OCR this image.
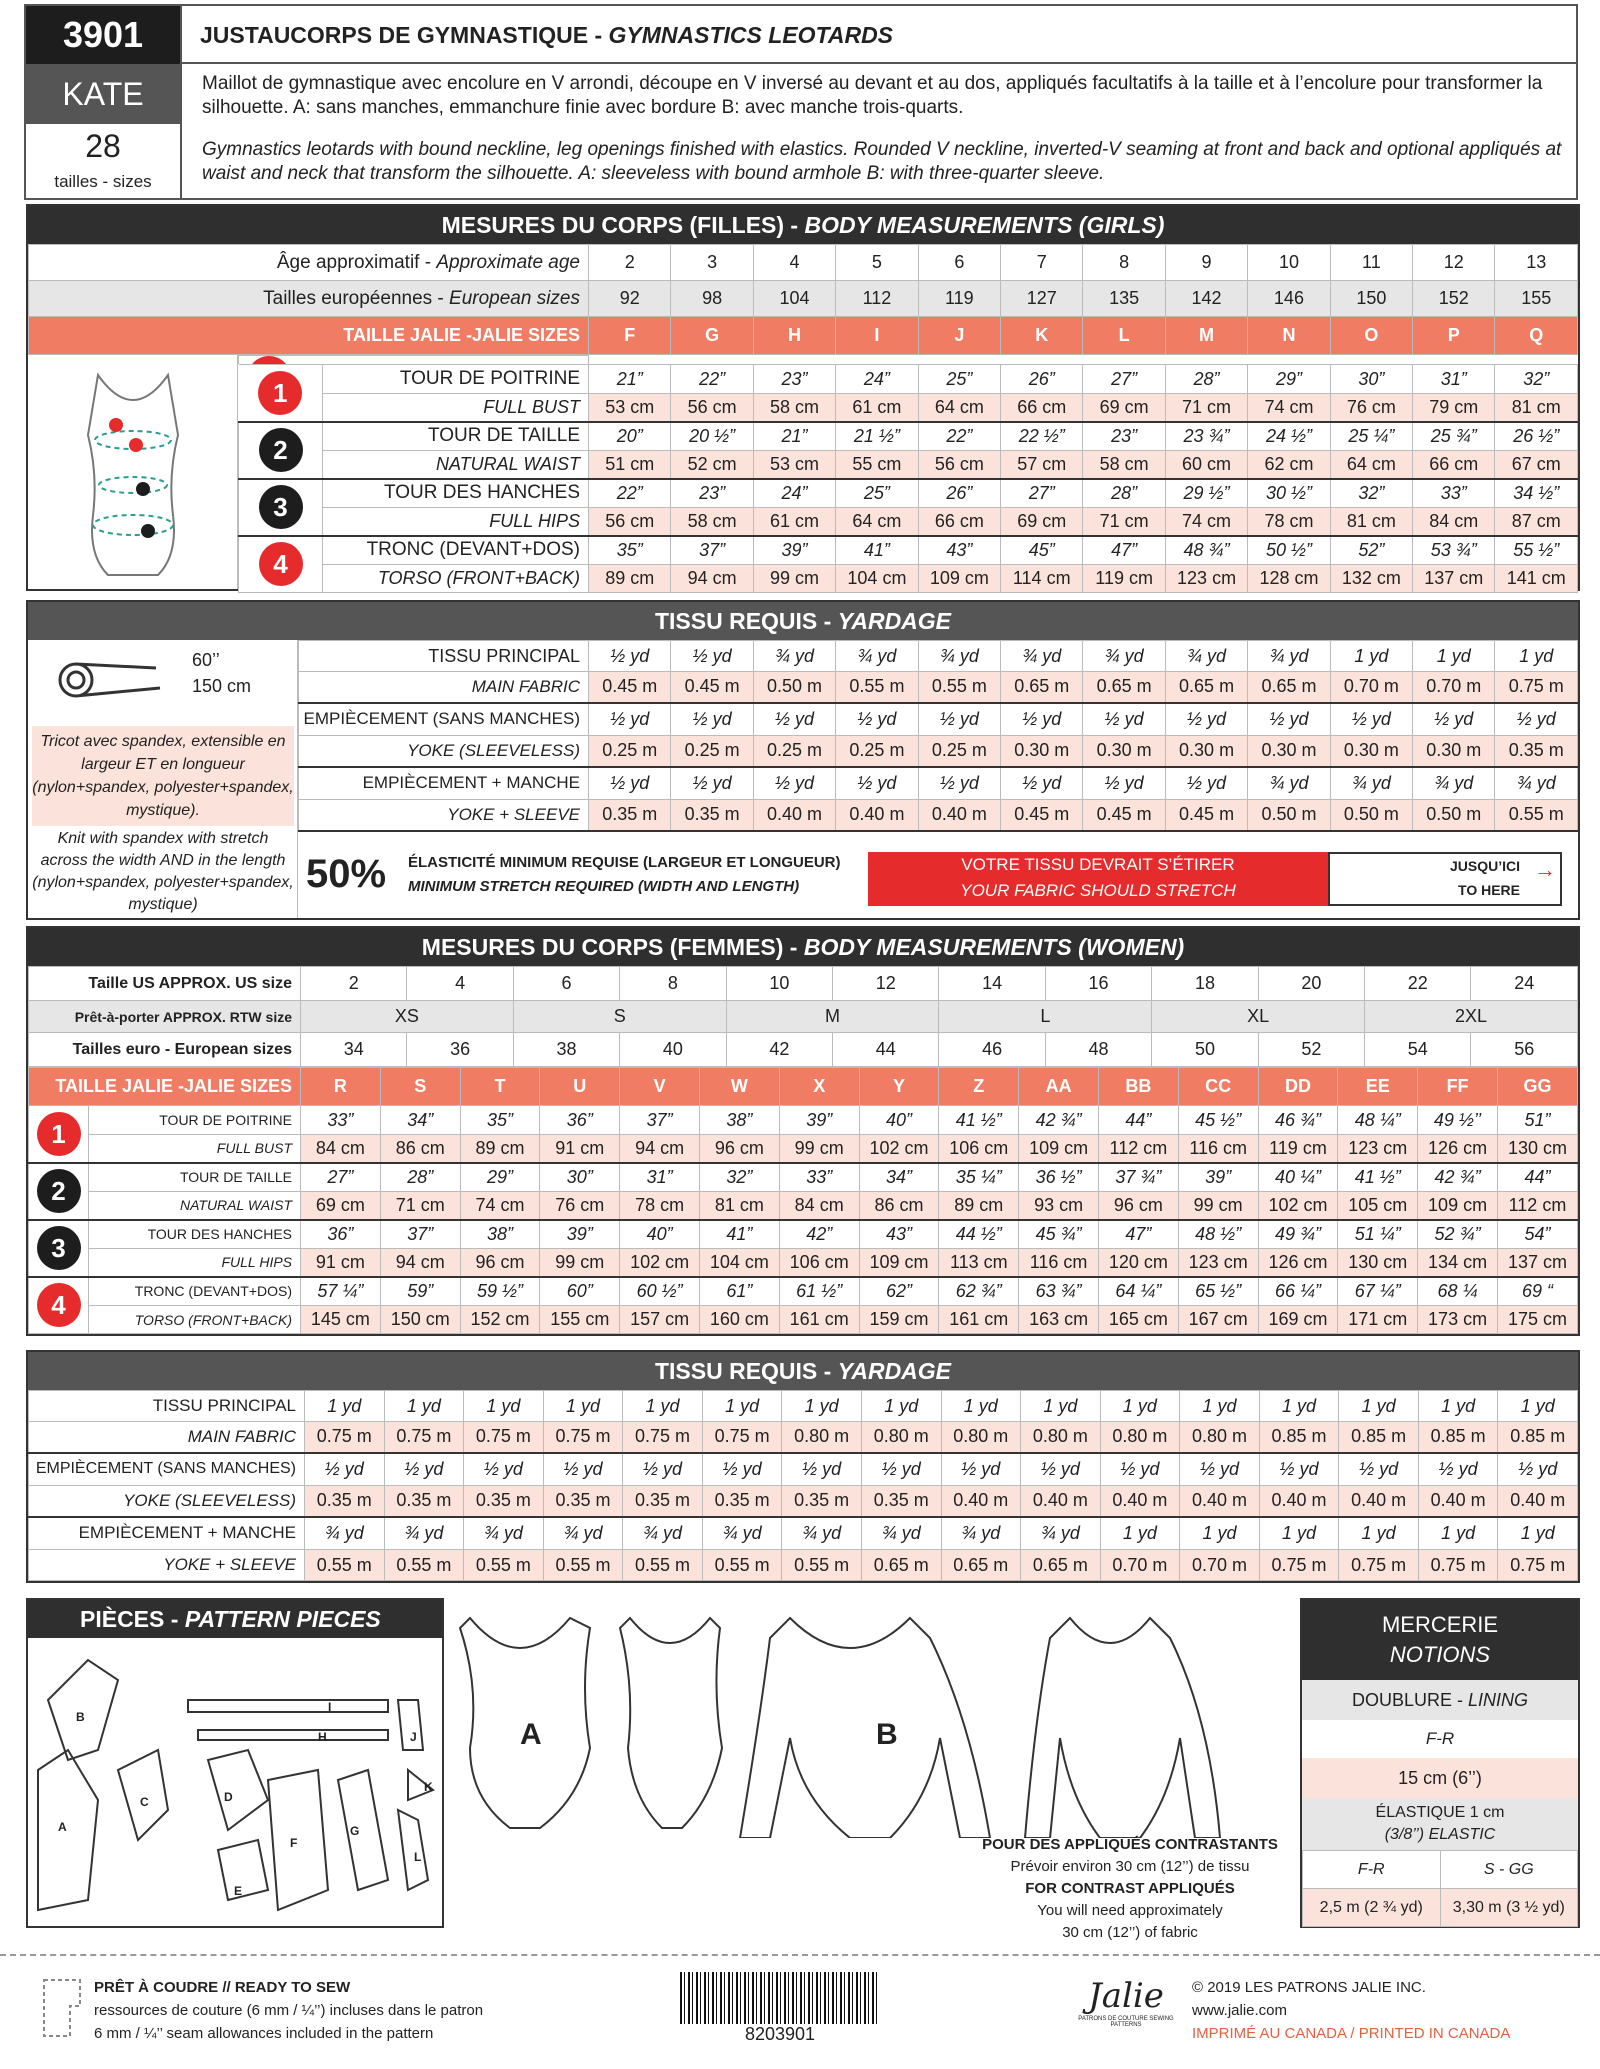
3901
KATE
28
tailles - sizes
JUSTAUCORPS DE GYMNASTIQUE - GYMNASTICS LEOTARDS
Maillot de gymnastique avec encolure en V arrondi, découpe en V inversé au devant et au dos, appliqués facultatifs à la taille et à l’encolure pour transformer la silhouette. A: sans manches, emmanchure finie avec bordure B: avec manche trois-quarts.
Gymnastics leotards with bound neckline, leg openings finished with elastics. Rounded V neckline, inverted-V seaming at front and back and optional appliqués at waist and neck that transform the silhouette. A: sleeveless with bound armhole B: with three-quarter sleeve.
MESURES DU CORPS (FILLES) - BODY MEASUREMENTS (GIRLS)
Âge approximatif - Approximate age	2	3	4	5	6	7	8	9	10	11	12	13
Tailles européennes - European sizes	92	98	104	112	119	127	135	142	146	150	152	155
TAILLE JALIE -JALIE SIZES	F	G	H	I	J	K	L	M	N	O	P	Q
1	TOUR DE POITRINE	21”	22”	23”	24”	25”	26”	27”	28”	29”	30”	31”	32”
	FULL BUST	53 cm	56 cm	58 cm	61 cm	64 cm	66 cm	69 cm	71 cm	74 cm	76 cm	79 cm	81 cm
2	TOUR DE TAILLE	20”	20 ½”	21”	21 ½”	22”	22 ½”	23”	23 ¾”	24 ½”	25 ¼”	25 ¾”	26 ½”
	NATURAL WAIST	51 cm	52 cm	53 cm	55 cm	56 cm	57 cm	58 cm	60 cm	62 cm	64 cm	66 cm	67 cm
3	TOUR DES HANCHES	22”	23”	24”	25”	26”	27”	28”	29 ½”	30 ½”	32”	33”	34 ½”
	FULL HIPS	56 cm	58 cm	61 cm	64 cm	66 cm	69 cm	71 cm	74 cm	78 cm	81 cm	84 cm	87 cm
4	TRONC (DEVANT+DOS)	35”	37”	39”	41”	43”	45”	47”	48 ¾”	50 ½”	52”	53 ¾”	55 ½”
	TORSO (FRONT+BACK)	89 cm	94 cm	99 cm	104 cm	109 cm	114 cm	119 cm	123 cm	128 cm	132 cm	137 cm	141 cm
TISSU REQUIS - YARDAGE
60’’
150 cm
Tricot avec spandex, extensible en largeur ET en longueur (nylon+spandex, polyester+spandex, mystique).
Knit with spandex with stretch across the width AND in the length (nylon+spandex, polyester+spandex, mystique)
TISSU PRINCIPAL	½ yd	½ yd	¾ yd	¾ yd	¾ yd	¾ yd	¾ yd	¾ yd	¾ yd	1 yd	1 yd	1 yd
MAIN FABRIC	0.45 m	0.45 m	0.50 m	0.55 m	0.55 m	0.65 m	0.65 m	0.65 m	0.65 m	0.70 m	0.70 m	0.75 m
EMPIÈCEMENT (SANS MANCHES)	½ yd	½ yd	½ yd	½ yd	½ yd	½ yd	½ yd	½ yd	½ yd	½ yd	½ yd	½ yd
YOKE (SLEEVELESS)	0.25 m	0.25 m	0.25 m	0.25 m	0.25 m	0.30 m	0.30 m	0.30 m	0.30 m	0.30 m	0.30 m	0.35 m
EMPIÈCEMENT + MANCHE	½ yd	½ yd	½ yd	½ yd	½ yd	½ yd	½ yd	½ yd	¾ yd	¾ yd	¾ yd	¾ yd
YOKE + SLEEVE	0.35 m	0.35 m	0.40 m	0.40 m	0.40 m	0.45 m	0.45 m	0.45 m	0.50 m	0.50 m	0.50 m	0.55 m
50% ÉLASTICITÉ MINIMUM REQUISE (LARGEUR ET LONGUEUR)
MINIMUM STRETCH REQUIRED (WIDTH AND LENGTH)
VOTRE TISSU DEVRAIT S’ÉTIRER
YOUR FABRIC SHOULD STRETCH
JUSQU’ICI
TO HERE
→
MESURES DU CORPS (FEMMES) - BODY MEASUREMENTS (WOMEN)
Taille US APPROX. US size	2	4	6	8	10	12	14	16	18	20	22	24
Prêt-à-porter APPROX. RTW size	XS		S		M		L		XL		2XL	
Tailles euro - European sizes	34	36	38	40	42	44	46	48	50	52	54	56
TAILLE JALIE -JALIE SIZES		R	S	T	U	V	W	X	Y	Z	AA	BB	CC	DD	EE	FF	GG
1	TOUR DE POITRINE	33”	34”	35”	36”	37”	38”	39”	40”	41 ½”	42 ¾”	44”	45 ½”	46 ¾”	48 ¼”	49 ½’’	51”
	FULL BUST	84 cm	86 cm	89 cm	91 cm	94 cm	96 cm	99 cm	102 cm	106 cm	109 cm	112 cm	116 cm	119 cm	123 cm	126 cm	130 cm
2	TOUR DE TAILLE	27”	28”	29”	30”	31”	32”	33”	34”	35 ¼”	36 ½”	37 ¾”	39”	40 ¼”	41 ½”	42 ¾”	44”
	NATURAL WAIST	69 cm	71 cm	74 cm	76 cm	78 cm	81 cm	84 cm	86 cm	89 cm	93 cm	96 cm	99 cm	102 cm	105 cm	109 cm	112 cm
3	TOUR DES HANCHES	36”	37”	38”	39”	40”	41”	42”	43”	44 ½”	45 ¾”	47”	48 ½”	49 ¾”	51 ¼”	52 ¾”	54”
	FULL HIPS	91 cm	94 cm	96 cm	99 cm	102 cm	104 cm	106 cm	109 cm	113 cm	116 cm	120 cm	123 cm	126 cm	130 cm	134 cm	137 cm
4	TRONC (DEVANT+DOS)	57 ¼”	59”	59 ½”	60”	60 ½”	61”	61 ½”	62”	62 ¾”	63 ¾”	64 ¼”	65 ½”	66 ¼”	67 ¼”	68 ¼	69 “
	TORSO (FRONT+BACK)	145 cm	150 cm	152 cm	155 cm	157 cm	160 cm	161 cm	159 cm	161 cm	163 cm	165 cm	167 cm	169 cm	171 cm	173 cm	175 cm
TISSU REQUIS - YARDAGE
TISSU PRINCIPAL	1 yd	1 yd	1 yd	1 yd	1 yd	1 yd	1 yd	1 yd	1 yd	1 yd	1 yd	1 yd	1 yd	1 yd	1 yd	1 yd
MAIN FABRIC	0.75 m	0.75 m	0.75 m	0.75 m	0.75 m	0.75 m	0.80 m	0.80 m	0.80 m	0.80 m	0.80 m	0.80 m	0.85 m	0.85 m	0.85 m	0.85 m
EMPIÈCEMENT (SANS MANCHES)	½ yd	½ yd	½ yd	½ yd	½ yd	½ yd	½ yd	½ yd	½ yd	½ yd	½ yd	½ yd	½ yd	½ yd	½ yd	½ yd
YOKE (SLEEVELESS)	0.35 m	0.35 m	0.35 m	0.35 m	0.35 m	0.35 m	0.35 m	0.35 m	0.40 m	0.40 m	0.40 m	0.40 m	0.40 m	0.40 m	0.40 m	0.40 m
EMPIÈCEMENT + MANCHE	¾ yd	¾ yd	¾ yd	¾ yd	¾ yd	¾ yd	¾ yd	¾ yd	¾ yd	¾ yd	1 yd	1 yd	1 yd	1 yd	1 yd	1 yd
YOKE + SLEEVE	0.55 m	0.55 m	0.55 m	0.55 m	0.55 m	0.55 m	0.55 m	0.65 m	0.65 m	0.65 m	0.70 m	0.70 m	0.75 m	0.75 m	0.75 m	0.75 m
PIÈCES - PATTERN PIECES
A
B
C	D
E
F
G
H
I
J
K
L
A	B
POUR DES APPLIQUÉS CONTRASTANTS
Prévoir environ 30 cm (12’’) de tissu
FOR CONTRAST APPLIQUÉS
You will need approximately
30 cm (12’’) of fabric
MERCERIE
NOTIONS
DOUBLURE - LINING
F-R
15 cm (6’’)
ÉLASTIQUE 1 cm
(3/8’’) ELASTIC
F-R	S - GG
2,5 m (2 ¾ yd)	3,30 m (3 ½ yd)
PRÊT À COUDRE // READY TO SEW
ressources de couture (6 mm / ¼’’) incluses dans le patron
6 mm / ¼’’ seam allowances included in the pattern	8203901
Jalie
PATRONS DE COUTURE SEWING PATTERNS
© 2019 LES PATRONS JALIE INC.
www.jalie.com
IMPRIMÉ AU CANADA / PRINTED IN CANADA
